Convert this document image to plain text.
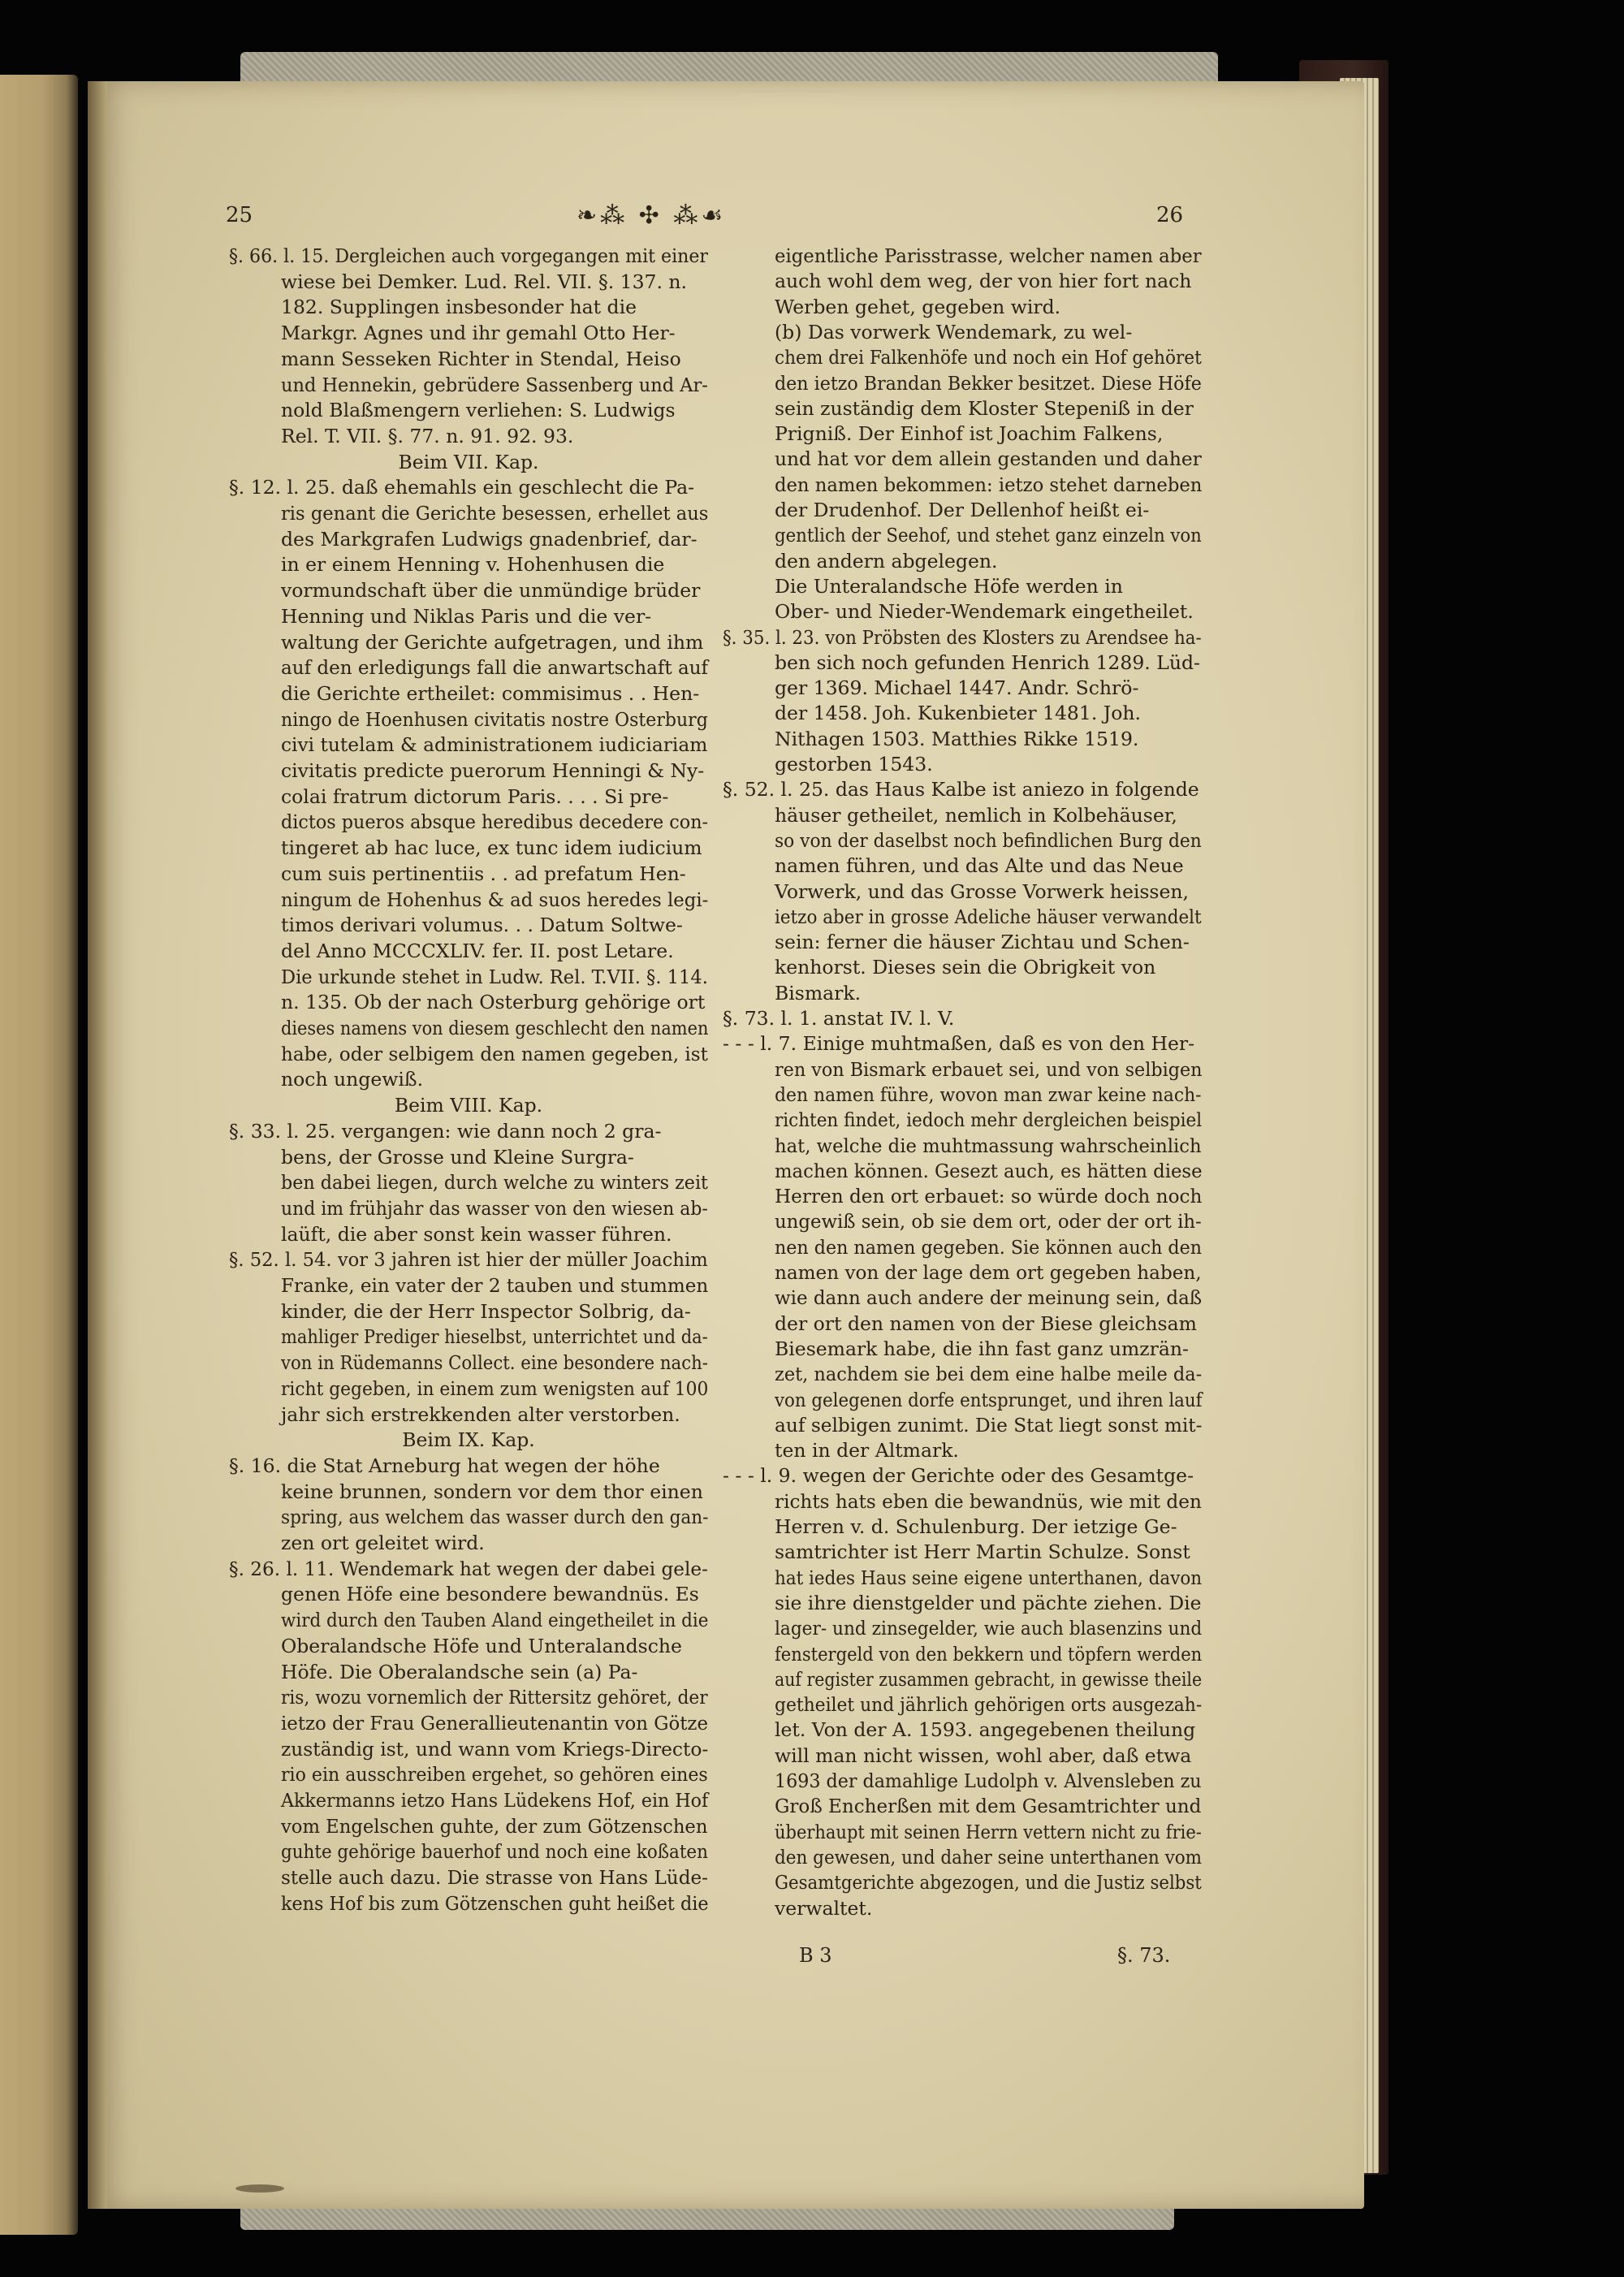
25	❧⁂ ✣ ⁂☙	26
§. 66. l. 15. Dergleichen auch vorgegangen mit einer
wiese bei Demker. Lud. Rel. VII. §. 137. n.
182. Supplingen insbesonder hat die
Markgr. Agnes und ihr gemahl Otto Her-
mann Sesseken Richter in Stendal, Heiso
und Hennekin, gebrüdere Sassenberg und Ar-
nold Blaßmengern verliehen: S. Ludwigs
Rel. T. VII. §. 77. n. 91. 92. 93.
Beim VII. Kap.
§. 12. l. 25. daß ehemahls ein geschlecht die Pa-
ris genant die Gerichte besessen, erhellet aus
des Markgrafen Ludwigs gnadenbrief, dar-
in er einem Henning v. Hohenhusen die
vormundschaft über die unmündige brüder
Henning und Niklas Paris und die ver-
waltung der Gerichte aufgetragen, und ihm
auf den erledigungs fall die anwartschaft auf
die Gerichte ertheilet: commisimus . . Hen-
ningo de Hoenhusen civitatis nostre Osterburg
civi tutelam & administrationem iudiciariam
civitatis predicte puerorum Henningi & Ny-
colai fratrum dictorum Paris. . . . Si pre-
dictos pueros absque heredibus decedere con-
tingeret ab hac luce, ex tunc idem iudicium
cum suis pertinentiis . . ad prefatum Hen-
ningum de Hohenhus & ad suos heredes legi-
timos derivari volumus. . . Datum Soltwe-
del Anno MCCCXLIV. fer. II. post Letare.
Die urkunde stehet in Ludw. Rel. T.VII. §. 114.
n. 135. Ob der nach Osterburg gehörige ort
dieses namens von diesem geschlecht den namen
habe, oder selbigem den namen gegeben, ist
noch ungewiß.
Beim VIII. Kap.
§. 33. l. 25. vergangen: wie dann noch 2 gra-
bens, der Grosse und Kleine Surgra-
ben dabei liegen, durch welche zu winters zeit
und im frühjahr das wasser von den wiesen ab-
laüft, die aber sonst kein wasser führen.
§. 52. l. 54. vor 3 jahren ist hier der müller Joachim
Franke, ein vater der 2 tauben und stummen
kinder, die der Herr Inspector Solbrig, da-
mahliger Prediger hieselbst, unterrichtet und da-
von in Rüdemanns Collect. eine besondere nach-
richt gegeben, in einem zum wenigsten auf 100
jahr sich erstrekkenden alter verstorben.
Beim IX. Kap.
§. 16. die Stat Arneburg hat wegen der höhe
keine brunnen, sondern vor dem thor einen
spring, aus welchem das wasser durch den gan-
zen ort geleitet wird.
§. 26. l. 11. Wendemark hat wegen der dabei gele-
genen Höfe eine besondere bewandnüs. Es
wird durch den Tauben Aland eingetheilet in die
Oberalandsche Höfe und Unteralandsche
Höfe. Die Oberalandsche sein (a) Pa-
ris, wozu vornemlich der Rittersitz gehöret, der
ietzo der Frau Generallieutenantin von Götze
zuständig ist, und wann vom Kriegs-Directo-
rio ein ausschreiben ergehet, so gehören eines
Akkermanns ietzo Hans Lüdekens Hof, ein Hof
vom Engelschen guhte, der zum Götzenschen
guhte gehörige bauerhof und noch eine koßaten
stelle auch dazu. Die strasse von Hans Lüde-
kens Hof bis zum Götzenschen guht heißet die
eigentliche Parisstrasse, welcher namen aber
auch wohl dem weg, der von hier fort nach
Werben gehet, gegeben wird.
(b) Das vorwerk Wendemark, zu wel-
chem drei Falkenhöfe und noch ein Hof gehöret
den ietzo Brandan Bekker besitzet. Diese Höfe
sein zuständig dem Kloster Stepeniß in der
Prigniß. Der Einhof ist Joachim Falkens,
und hat vor dem allein gestanden und daher
den namen bekommen: ietzo stehet darneben
der Drudenhof. Der Dellenhof heißt ei-
gentlich der Seehof, und stehet ganz einzeln von
den andern abgelegen.
Die Unteralandsche Höfe werden in
Ober- und Nieder-Wendemark eingetheilet.
§. 35. l. 23. von Pröbsten des Klosters zu Arendsee ha-
ben sich noch gefunden Henrich 1289. Lüd-
ger 1369. Michael 1447. Andr. Schrö-
der 1458. Joh. Kukenbieter 1481. Joh.
Nithagen 1503. Matthies Rikke 1519.
gestorben 1543.
§. 52. l. 25. das Haus Kalbe ist aniezo in folgende
häuser getheilet, nemlich in Kolbehäuser,
so von der daselbst noch befindlichen Burg den
namen führen, und das Alte und das Neue
Vorwerk, und das Grosse Vorwerk heissen,
ietzo aber in grosse Adeliche häuser verwandelt
sein: ferner die häuser Zichtau und Schen-
kenhorst. Dieses sein die Obrigkeit von
Bismark.
§. 73. l. 1. anstat IV. l. V.
- - - l. 7. Einige muhtmaßen, daß es von den Her-
ren von Bismark erbauet sei, und von selbigen
den namen führe, wovon man zwar keine nach-
richten findet, iedoch mehr dergleichen beispiel
hat, welche die muhtmassung wahrscheinlich
machen können. Gesezt auch, es hätten diese
Herren den ort erbauet: so würde doch noch
ungewiß sein, ob sie dem ort, oder der ort ih-
nen den namen gegeben. Sie können auch den
namen von der lage dem ort gegeben haben,
wie dann auch andere der meinung sein, daß
der ort den namen von der Biese gleichsam
Biesemark habe, die ihn fast ganz umzrän-
zet, nachdem sie bei dem eine halbe meile da-
von gelegenen dorfe entsprunget, und ihren lauf
auf selbigen zunimt. Die Stat liegt sonst mit-
ten in der Altmark.
- - - l. 9. wegen der Gerichte oder des Gesamtge-
richts hats eben die bewandnüs, wie mit den
Herren v. d. Schulenburg. Der ietzige Ge-
samtrichter ist Herr Martin Schulze. Sonst
hat iedes Haus seine eigene unterthanen, davon
sie ihre dienstgelder und pächte ziehen. Die
lager- und zinsegelder, wie auch blasenzins und
fenstergeld von den bekkern und töpfern werden
auf register zusammen gebracht, in gewisse theile
getheilet und jährlich gehörigen orts ausgezah-
let. Von der A. 1593. angegebenen theilung
will man nicht wissen, wohl aber, daß etwa
1693 der damahlige Ludolph v. Alvensleben zu
Groß Encherßen mit dem Gesamtrichter und
überhaupt mit seinen Herrn vettern nicht zu frie-
den gewesen, und daher seine unterthanen vom
Gesamtgerichte abgezogen, und die Justiz selbst
verwaltet.
B 3	§. 73.
